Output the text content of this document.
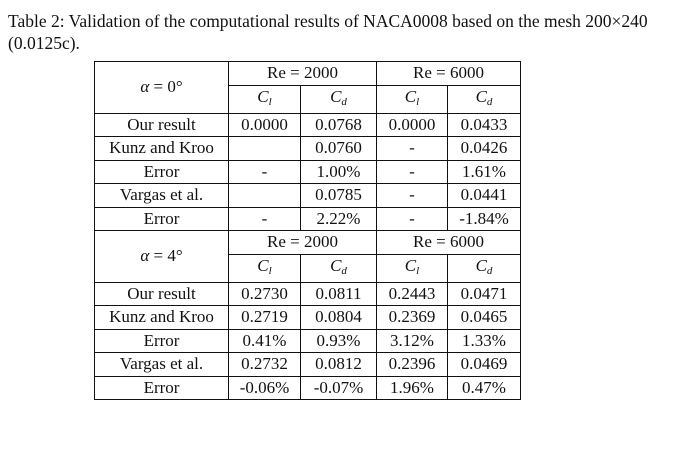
Table 2: Validation of the computational results of NACA0008 based on the mesh 200×240 (0.0125c).

α = 0°	Re = 2000		Re = 6000	
	$C_l$	$C_d$	$C_l$	$C_d$
Our result	0.0000	0.0768	0.0000	0.0433
Kunz and Kroo		0.0760	-	0.0426
Error	-	1.00%	-	1.61%
Vargas et al.		0.0785	-	0.0441
Error	-	2.22%	-	-1.84%
α = 4°	Re = 2000		Re = 6000	
	$C_l$	$C_d$	$C_l$	$C_d$
Our result	0.2730	0.0811	0.2443	0.0471
Kunz and Kroo	0.2719	0.0804	0.2369	0.0465
Error	0.41%	0.93%	3.12%	1.33%
Vargas et al.	0.2732	0.0812	0.2396	0.0469
Error	-0.06%	-0.07%	1.96%	0.47%
